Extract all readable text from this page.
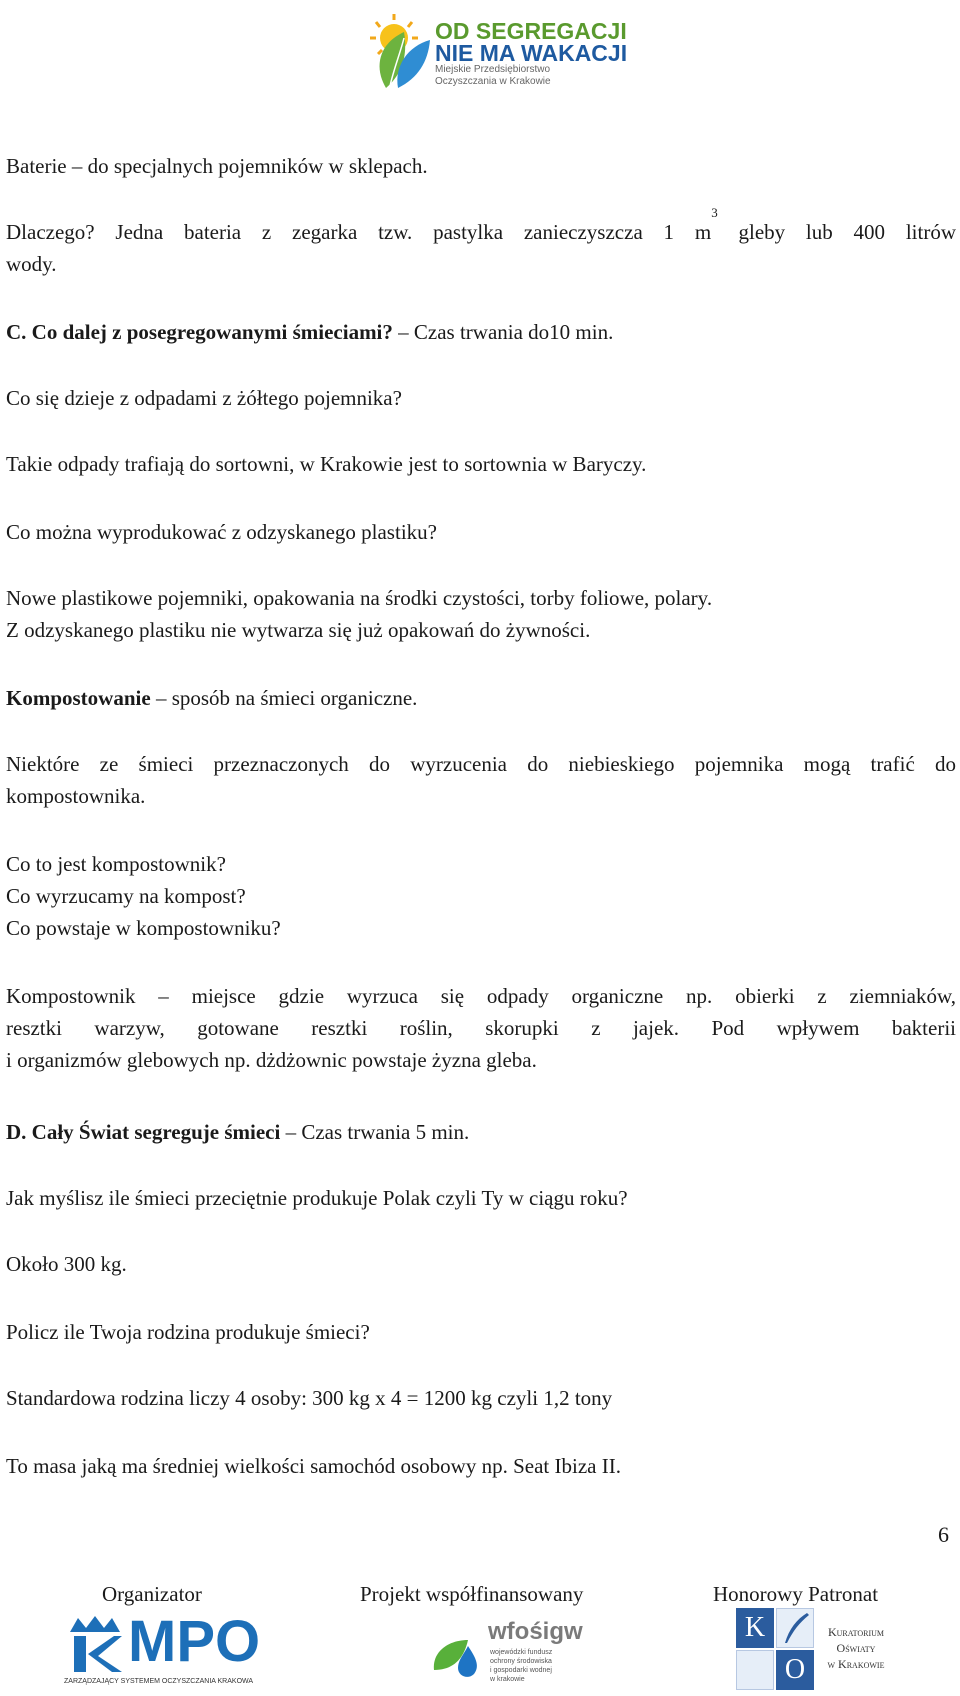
OD SEGREGACJI
NIE MA WAKACJI
Miejskie Przedsiębiorstwo
Oczyszczania w Krakowie
Baterie – do specjalnych pojemników w sklepach.
Dlaczego? Jedna bateria z zegarka tzw. pastylka zanieczyszcza 1 $m^3$ gleby lub 400 litrów
wody.
C. Co dalej z posegregowanymi śmieciami? – Czas trwania do10 min.
Co się dzieje z odpadami z żółtego pojemnika?
Takie odpady trafiają do sortowni, w Krakowie jest to sortownia w Baryczy.
Co można wyprodukować z odzyskanego plastiku?
Nowe plastikowe pojemniki, opakowania na środki czystości, torby foliowe, polary.
Z odzyskanego plastiku nie wytwarza się już opakowań do żywności.
Kompostowanie – sposób na śmieci organiczne.
Niektóre ze śmieci przeznaczonych do wyrzucenia do niebieskiego pojemnika mogą trafić do
kompostownika.
Co to jest kompostownik?
Co wyrzucamy na kompost?
Co powstaje w kompostowniku?
Kompostownik – miejsce gdzie wyrzuca się odpady organiczne np. obierki z ziemniaków,
resztki warzyw, gotowane resztki roślin, skorupki z jajek. Pod wpływem bakterii
i organizmów glebowych np. dżdżownic powstaje żyzna gleba.
D. Cały Świat segreguje śmieci – Czas trwania 5 min.
Jak myślisz ile śmieci przeciętnie produkuje Polak czyli Ty w ciągu roku?
Około 300 kg.
Policz ile Twoja rodzina produkuje śmieci?
Standardowa rodzina liczy 4 osoby: 300 kg x 4 = 1200 kg czyli 1,2 tony
To masa jaką ma średniej wielkości samochód osobowy np. Seat Ibiza II.
6
Organizator	Projekt współfinansowany	Honorowy Patronat
MPO
ZARZĄDZAJĄCY SYSTEMEM OCZYSZCZANIA KRAKOWA
wfośigw
wojewódzki fundusz
ochrony środowiska
i gospodarki wodnej
w krakowie
K
O
Kuratorium
Oświaty
w Krakowie
